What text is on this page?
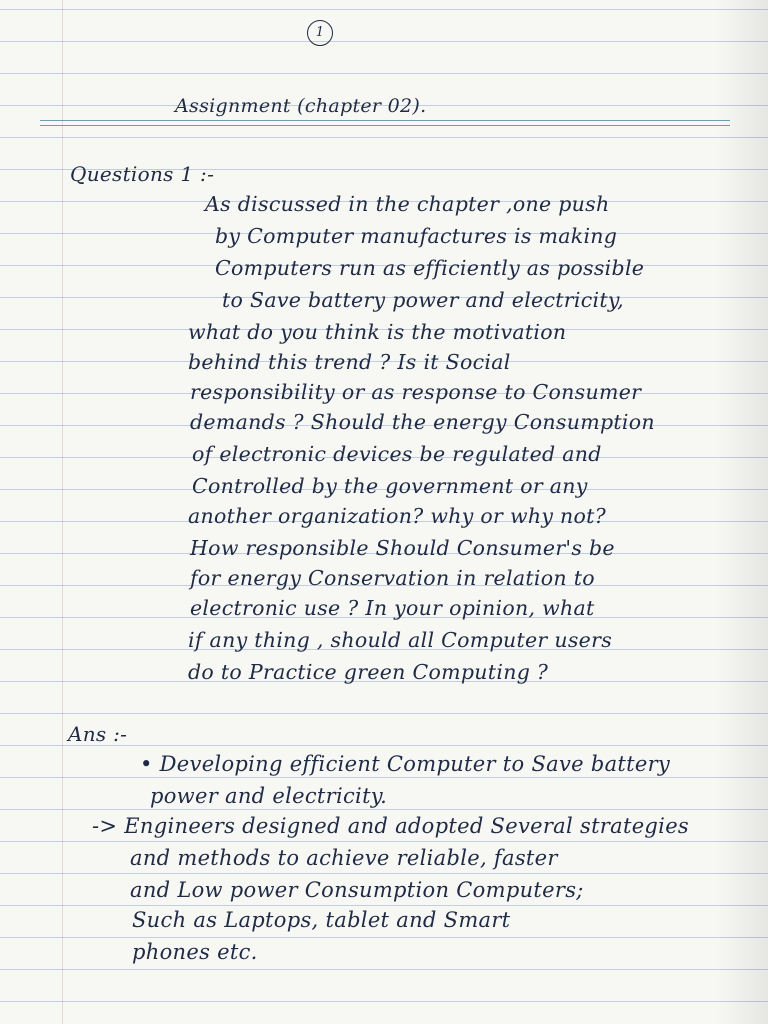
1
Assignment (chapter 02).
Questions 1 :-
As discussed in the chapter ,one push
by Computer manufactures is making
Computers run as efficiently as possible
to Save battery power and electricity,
what do you think is the motivation
behind this trend ? Is it Social
responsibility or as response to Consumer
demands ? Should the energy Consumption
of electronic devices be regulated and
Controlled by the government or any
another organization? why or why not?
How responsible Should Consumer's be
for energy Conservation in relation to
electronic use ? In your opinion, what
if any thing , should all Computer users
do to Practice green Computing ?
Ans :-
• Developing efficient Computer to Save battery
power and electricity.
-> Engineers designed and adopted Several strategies
and methods to achieve reliable, faster
and Low power Consumption Computers;
Such as Laptops, tablet and Smart
phones etc.
